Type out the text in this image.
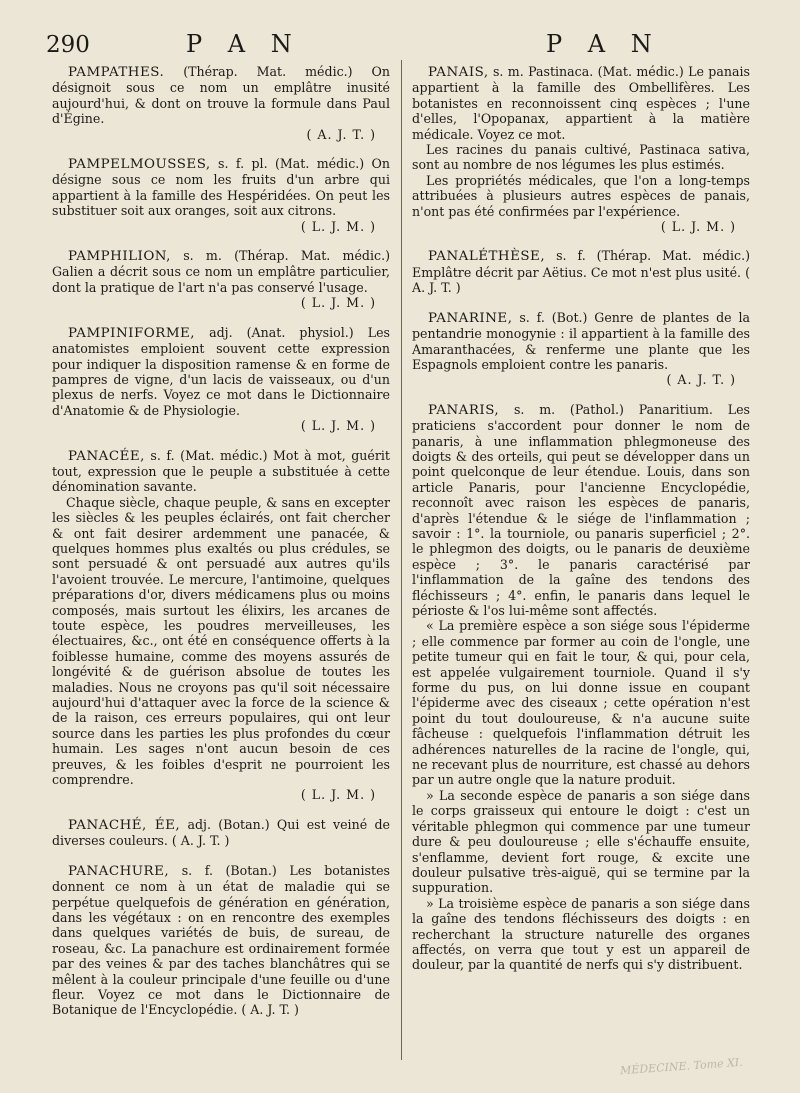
290	P A N	P A N

PAMPATHES. (Thérap. Mat. médic.) On désignoit sous ce nom un emplâtre inusité aujourd'hui, & dont on trouve la formule dans Paul d'Égine.

( A. J. T. )

PAMPELMOUSSES, s. f. pl. (Mat. médic.) On désigne sous ce nom les fruits d'un arbre qui appartient à la famille des Hespéridées. On peut les substituer soit aux oranges, soit aux citrons.

( L. J. M. )

PAMPHILION, s. m. (Thérap. Mat. médic.) Galien a décrit sous ce nom un emplâtre particulier, dont la pratique de l'art n'a pas conservé l'usage.

( L. J. M. )

PAMPINIFORME, adj. (Anat. physiol.) Les anatomistes emploient souvent cette expression pour indiquer la disposition ramense & en forme de pampres de vigne, d'un lacis de vaisseaux, ou d'un plexus de nerfs. Voyez ce mot dans le Dictionnaire d'Anatomie & de Physiologie.

( L. J. M. )

PANACÉE, s. f. (Mat. médic.) Mot à mot, guérit tout, expression que le peuple a substituée à cette dénomination savante.

Chaque siècle, chaque peuple, & sans en excepter les siècles & les peuples éclairés, ont fait chercher & ont fait desirer ardemment une panacée, & quelques hommes plus exaltés ou plus crédules, se sont persuadé & ont persuadé aux autres qu'ils l'avoient trouvée. Le mercure, l'antimoine, quelques préparations d'or, divers médicamens plus ou moins composés, mais surtout les élixirs, les arcanes de toute espèce, les poudres merveilleuses, les électuaires, &c., ont été en conséquence offerts à la foiblesse humaine, comme des moyens assurés de longévité & de guérison absolue de toutes les maladies. Nous ne croyons pas qu'il soit nécessaire aujourd'hui d'attaquer avec la force de la science & de la raison, ces erreurs populaires, qui ont leur source dans les parties les plus profondes du cœur humain. Les sages n'ont aucun besoin de ces preuves, & les foibles d'esprit ne pourroient les comprendre.

( L. J. M. )

PANACHÉ, ÉE, adj. (Botan.) Qui est veiné de diverses couleurs. ( A. J. T. )

PANACHURE, s. f. (Botan.) Les botanistes donnent ce nom à un état de maladie qui se perpétue quelquefois de génération en génération, dans les végétaux : on en rencontre des exemples dans quelques variétés de buis, de sureau, de roseau, &c. La panachure est ordinairement formée par des veines & par des taches blanchâtres qui se mêlent à la couleur principale d'une feuille ou d'une fleur. Voyez ce mot dans le Dictionnaire de Botanique de l'Encyclopédie. ( A. J. T. )

PANAIS, s. m. Pastinaca. (Mat. médic.) Le panais appartient à la famille des Ombellifères. Les botanistes en reconnoissent cinq espèces ; l'une d'elles, l'Opopanax, appartient à la matière médicale. Voyez ce mot.

Les racines du panais cultivé, Pastinaca sativa, sont au nombre de nos légumes les plus estimés.

Les propriétés médicales, que l'on a long-temps attribuées à plusieurs autres espèces de panais, n'ont pas été confirmées par l'expérience.

( L. J. M. )

PANALÉTHÈSE, s. f. (Thérap. Mat. médic.) Emplâtre décrit par Aëtius. Ce mot n'est plus usité. ( A. J. T. )

PANARINE, s. f. (Bot.) Genre de plantes de la pentandrie monogynie : il appartient à la famille des Amaranthacées, & renferme une plante que les Espagnols emploient contre les panaris.

( A. J. T. )

PANARIS, s. m. (Pathol.) Panaritium. Les praticiens s'accordent pour donner le nom de panaris, à une inflammation phlegmoneuse des doigts & des orteils, qui peut se développer dans un point quelconque de leur étendue. Louis, dans son article Panaris, pour l'ancienne Encyclopédie, reconnoît avec raison les espèces de panaris, d'après l'étendue & le siége de l'inflammation ; savoir : 1°. la tourniole, ou panaris superficiel ; 2°. le phlegmon des doigts, ou le panaris de deuxième espèce ; 3°. le panaris caractérisé par l'inflammation de la gaîne des tendons des fléchisseurs ; 4°. enfin, le panaris dans lequel le périoste & l'os lui-même sont affectés.

« La première espèce a son siége sous l'épiderme ; elle commence par former au coin de l'ongle, une petite tumeur qui en fait le tour, & qui, pour cela, est appelée vulgairement tourniole. Quand il s'y forme du pus, on lui donne issue en coupant l'épiderme avec des ciseaux ; cette opération n'est point du tout douloureuse, & n'a aucune suite fâcheuse : quelquefois l'inflammation détruit les adhérences naturelles de la racine de l'ongle, qui, ne recevant plus de nourriture, est chassé au dehors par un autre ongle que la nature produit.

» La seconde espèce de panaris a son siége dans le corps graisseux qui entoure le doigt : c'est un véritable phlegmon qui commence par une tumeur dure & peu douloureuse ; elle s'échauffe ensuite, s'enflamme, devient fort rouge, & excite une douleur pulsative très-aiguë, qui se termine par la suppuration.

» La troisième espèce de panaris a son siége dans la gaîne des tendons fléchisseurs des doigts : en recherchant la structure naturelle des organes affectés, on verra que tout y est un appareil de douleur, par la quantité de nerfs qui s'y distribuent.

MÉDECINE. Tome XI.
